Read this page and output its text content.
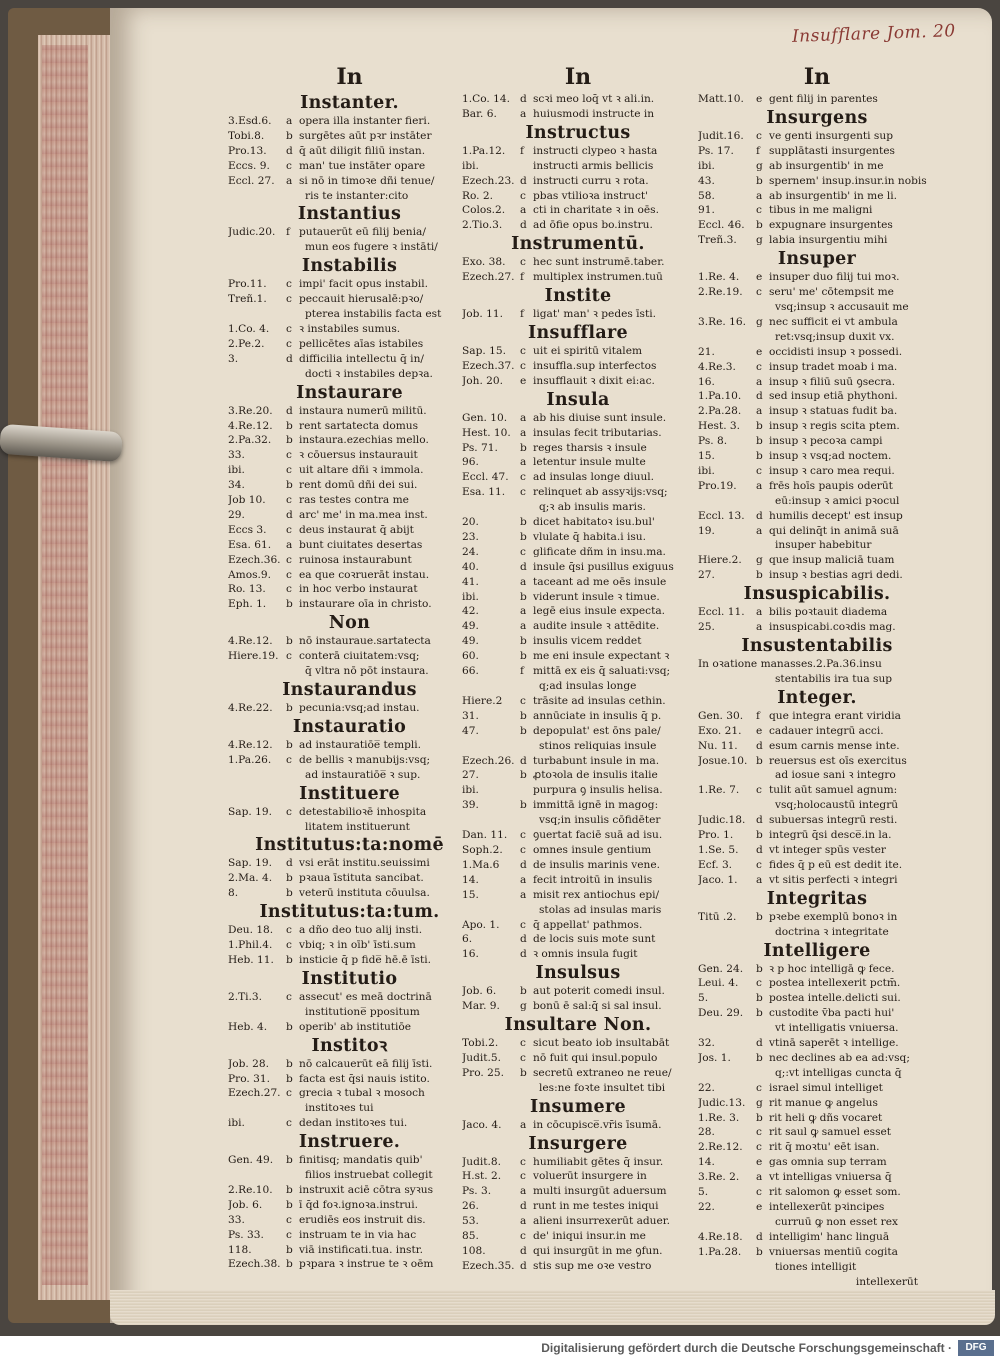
Insufflare Jom. 20
In
Instanter.
3.Esd.6.	a opera illa instanter fieri.
Tobi.8.	b surgētes aūt pꝛr instāter
Pro.13.	d q̄ aūt diligit filiū instan.
Eccs. 9.	c man' tue instāter opare
Eccl. 27.	a si nō in timoꝛe dñi tenue/
ris te instanter:cito
Instantius
Judic.20.	f putauerūt eū filij benia/
mun eos fugere ꝛ instāti/
Instabilis
Pro.11.	c impi' facit opus instabil.
Treñ.1.	c peccauit hierusalē:pꝛo/
pterea instabilis facta est
1.Co. 4.	c ꝛ instabiles sumus.
2.Pe.2.	c pellicētes aīas istabiles
3.	d difficilia intellectu q̄ in/
docti ꝛ instabiles depꝛa.
Instaurare
3.Re.20.	d instaura numerū militū.
4.Re.12.	b rent sartatecta domus
2.Pa.32.	b instaura.ezechias mello.
33.	c ꝛ cōuersus instaurauit
ibi.	c uit altare dñi ꝛ immola.
34.	b rent domū dñi dei sui.
Job 10.	c ras testes contra me
29.	d arc' me' in ma.mea inst.
Eccs 3.	c deus instaurat q̄ abijt
Esa. 61.	a bunt ciuitates desertas
Ezech.36. c ruinosa instaurabunt
Amos.9.	c ea que coꝛruerāt instau.
Ro. 13.	c in hoc verbo instaurat
Eph. 1.	b instaurare oīa in christo.
Non
4.Re.12.	b nō instauraue.sartatecta
Hiere.19. c conterā ciuitatem:vsq;
q̄ vltra nō pōt instaura.
Instaurandus
4.Re.22.	b pecunia:vsq;ad instau.
Instauratio
4.Re.12.	b ad instauratiōe̅ templi.
1.Pa.26.	c de bellis ꝛ manubijs:vsq;
ad instauratiōe̅ ꝛ sup.
Instituere
Sap. 19.	c detestabilioꝛē inhospita
litatem instituerunt
Institutus:ta:nomē
Sap. 19.	d vsi erāt institu.seuissimi
2.Ma. 4.	b pꝛaua īstituta sancibat.
8.	b veterū instituta cōuulsa.
Institutus:ta:tum.
Deu. 18.	c a dño deo tuo alij insti.
1.Phil.4.	c vbiq; ꝛ in oīb' īsti.sum
Heb. 11.	b insticie q̄ p fide̅ hē.ē īsti.
Institutio
2.Ti.3.	c assecut' es meā doctrinā
institutione̅ ppositum
Heb. 4.	b operib' ab institutiōe
Institoꝛ
Job. 28.	b nō calcauerūt eā filij īsti.
Pro. 31.	b facta est q̄si nauis istito.
Ezech.27. c grecia ꝛ tubal ꝛ mosoch
institoꝛes tui
ibi.	c dedan institoꝛes tui.
Instruere.
Gen. 49.	b finitisq; mandatis quib'
filios instruebat collegit
2.Re.10.	b instruxit aciē cōtra syꝛus
Job. 6.	b ī q̄d foꝛ.ignoꝛa.instrui.
33.	c erudiēs eos instruit dis.
Ps. 33.	c instruam te in via hac
118.	b viā instificati.tua. instr.
Ezech.38. b pꝛpara ꝛ instrue te ꝛ oēm
In
1.Co. 14. d scꝛi meo loq̄ vt ꝛ ali.in.
Bar. 6.	a huiusmodi instructe in
Instructus
1.Pa.12.	f instructi clypeo ꝛ hasta
ibi.	instructi armis bellicis
Ezech.23. d instructi curru ꝛ rota.
Ro. 2.	c pbas vtilioꝛa instruct'
Colos.2.	a cti in charitate ꝛ in oēs.
2.Tio.3.	d ad ōfie opus bo.instru.
Instrumentū.
Exo. 38.	c hec sunt instrumē.taber.
Ezech.27. f multiplex instrumen.tuū
Instite
Job. 11.	f ligat' man' ꝛ pedes īsti.
Insufflare
Sap. 15.	c uit ei spiritū vitalem
Ezech.37. c insuffla.sup interfectos
Joh. 20.	e insufflauit ꝛ dixit ei:ac.
Insula
Gen. 10.	a ab his diuise sunt insule.
Hest. 10. a insulas fecit tributarias.
Ps. 71.	b reges tharsis ꝛ insule
96.	a letentur insule multe
Eccl. 47.	c ad insulas longe diuul.
Esa. 11.	c relinquet ab assyꝛijs:vsq;
q;ꝛ ab insulis maris.
20.	b dicet habitatoꝛ isu.bul'
23.	b vlulate q̄ habita.i isu.
24.	c glificate dñm in insu.ma.
40.	d insule q̄si pusillus exiguus
41.	a taceant ad me oēs insule
ibi.	b viderunt insule ꝛ timue.
42.	a legē eius insule expecta.
49.	a audite insule ꝛ attēdite.
49.	b insulis vicem reddet
60.	b me eni insule expectant ꝛ
66.	f mittā ex eis q̄ saluati:vsq;
q;ad insulas longe
Hiere.2	c trāsite ad insulas cethin.
31.	b annūciate in insulis q̄ p.
47.	b depopulat' est ōns pale/
stinos reliquias insule
Ezech.26. d turbabunt insule in ma.
27.	b ꝓtoꝛola de insulis italie
ibi.	purpura ꝯ insulis helisa.
39.	b immittā ignē in magog:
vsq;in insulis cōfidēter
Dan. 11.	c ꝯuertat faciē suā ad isu.
Soph.2.	c omnes insule gentium
1.Ma.6	d de insulis marinis vene.
14.	a fecit introitū in insulis
15.	a misit rex antiochus epi/
stolas ad insulas maris
Apo. 1.	c q̄ appellat' pathmos.
6.	d de locis suis mote sunt
16.	d ꝛ omnis insula fugit
Insulsus
Job. 6.	b aut poterit comedi insul.
Mar. 9.	g bonū ē sal:q̄ si sal insul.
Insultare Non.
Tobi.2.	c sicut beato iob insultabāt
Judit.5.	c nō fuit qui insul.populo
Pro. 25.	b secretū extraneo ne reue/
les:ne foꝛte insultet tibi
Insumere
Jaco. 4.	a in cōcupisce̅.vr̄is īsumā.
Insurgere
Judit.8.	c humiliabit gētes q̄ insur.
H.st. 2.	c voluerūt insurgere in
Ps. 3.	a multi insurgūt aduersum
26.	d runt in me testes iniqui
53.	a alieni insurrexerūt aduer.
85.	c de' iniqui insur.in me
108.	d qui insurgūt in me ꝯfun.
Ezech.35. d stis sup me oꝛe vestro
In
Matt.10.	e gent filij in parentes
Insurgens
Judit.16.	c ve genti insurgenti sup
Ps. 17.	f supplātasti insurgentes
ibi.	g ab insurgentib' in me
43.	b spernem' insup.insur.in nobis
58.	a ab insurgentib' in me li.
91.	c tibus in me maligni
Eccl. 46.	b expugnare insurgentes
Treñ.3.	g labia insurgentiu mihi
Insuper
1.Re. 4.	e insuper duo filij tui moꝛ.
2.Re.19.	c seru' me' cōtempsit me
vsq;insup ꝛ accusauit me
3.Re. 16. g nec sufficit ei vt ambula
ret:vsq;insup duxit vx.
21.	e occidisti insup ꝛ possedi.
4.Re.3.	c insup tradet moab i ma.
16.	a insup ꝛ filiū suū ꝯsecra.
1.Pa.10.	d sed insup etiā phythoni.
2.Pa.28.	a insup ꝛ statuas fudit ba.
Hest. 3.	b insup ꝛ regis scita ptem.
Ps. 8.	b insup ꝛ pecoꝛa campi
15.	b insup ꝛ vsq;ad noctem.
ibi.	c insup ꝛ caro mea requi.
Pro.19.	a frēs hoīs paupis oderūt
eū:insup ꝛ amici pꝛocul
Eccl. 13.	d humilis decept' est insup
19.	a qui delinq̄t in animā suā
insuper habebitur
Hiere.2.	g que insup maliciā tuam
27.	b insup ꝛ bestias agri dedi.
Insuspicabilis.
Eccl. 11.	a bilis poꝛtauit diadema
25.	a insuspicabi.coꝛdis mag.
Insustentabilis
In oꝛatione manasses.2.Pa.36.insu
stentabilis ira tua sup
Integer.
Gen. 30.	f que integra erant viridia
Exo. 21.	e cadauer integrū acci.
Nu. 11.	d esum carnis mense inte.
Josue.10. b reuersus est oīs exercitus
ad iosue sani ꝛ integro
1.Re. 7.	c tulit aūt samuel agnum:
vsq;holocaustū integrū
Judic.18.	d subuersas integrū resti.
Pro. 1.	b integrū q̄si desce̅.in la.
1.Se. 5.	d vt integer spūs vester
Ecf. 3.	c fides q̄ p eū est dedit ite.
Jaco. 1.	a vt sitis perfecti ꝛ integri
Integritas
Titū .2.	b pꝛebe exemplū bonoꝛ in
doctrina ꝛ integritate
Intelligere
Gen. 24.	b ꝛ p hoc intelligā ꝙ fece.
Leui. 4.	c postea intellexerit pctm̄.
5.	b postea intelle.delicti sui.
Deu. 29.	b custodite v̄ba pacti hui'
vt intelligatis vniuersa.
32.	d vtinā saperēt ꝛ intellige.
Jos. 1.	b nec declines ab ea ad:vsq;
q;:vt intelligas cuncta q̄
22.	c israel simul intelliget
Judic.13.	g rit manue ꝙ angelus
1.Re. 3.	b rit heli ꝙ dñs vocaret
28.	c rit saul ꝙ samuel esset
2.Re.12.	c rit q̄ moꝛtu' eēt isan.
14.	e gas omnia sup terram
3.Re. 2.	a vt intelligas vniuersa q̄
5.	c rit salomon ꝙ esset som.
22.	e intellexerūt pꝛincipes
curruū ꝙ non esset rex
4.Re.18.	d intelligim' hanc linguā
1.Pa.28.	b vniuersas mentiū cogita
tiones intelligit
intellexerūt
Digitalisierung gefördert durch die Deutsche Forschungsgemeinschaft ·	DFG
